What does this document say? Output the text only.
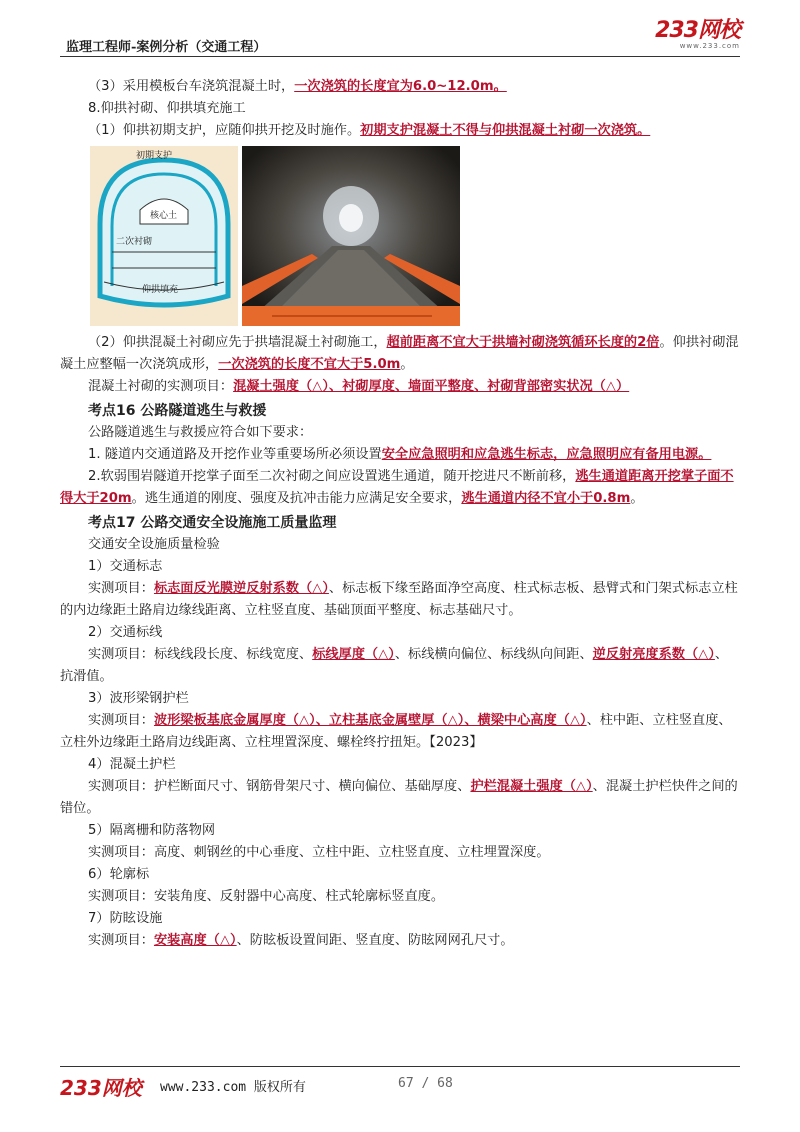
监理工程师-案例分析（交通工程）
233网校
www.233.com

（3）采用模板台车浇筑混凝土时，一次浇筑的长度宜为6.0~12.0m。

8.仰拱衬砌、仰拱填充施工

（1）仰拱初期支护，应随仰拱开挖及时施作。初期支护混凝土不得与仰拱混凝土衬砌一次浇筑。

初期支护
核心土
二次衬砌
仰拱填充

（2）仰拱混凝土衬砌应先于拱墙混凝土衬砌施工，超前距离不宜大于拱墙衬砌浇筑循环长度的2倍。仰拱衬砌混凝土应整幅一次浇筑成形，一次浇筑的长度不宜大于5.0m。

混凝土衬砌的实测项目：混凝土强度（△）、衬砌厚度、墙面平整度、衬砌背部密实状况（△）

考点16 公路隧道逃生与救援

公路隧道逃生与救援应符合如下要求：

1. 隧道内交通道路及开挖作业等重要场所必须设置安全应急照明和应急逃生标志，应急照明应有备用电源。

2.软弱围岩隧道开挖掌子面至二次衬砌之间应设置逃生通道，随开挖进尺不断前移，逃生通道距离开挖掌子面不得大于20m。逃生通道的刚度、强度及抗冲击能力应满足安全要求，逃生通道内径不宜小于0.8m。

考点17 公路交通安全设施施工质量监理

交通安全设施质量检验

1）交通标志

实测项目：标志面反光膜逆反射系数（△）、标志板下缘至路面净空高度、柱式标志板、悬臂式和门架式标志立柱的内边缘距土路肩边缘线距离、立柱竖直度、基础顶面平整度、标志基础尺寸。

2）交通标线

实测项目：标线线段长度、标线宽度、标线厚度（△）、标线横向偏位、标线纵向间距、逆反射亮度系数（△）、抗滑值。

3）波形梁钢护栏

实测项目：波形梁板基底金属厚度（△）、立柱基底金属壁厚（△）、横梁中心高度（△）、柱中距、立柱竖直度、立柱外边缘距土路肩边线距离、立柱埋置深度、螺栓终拧扭矩。【2023】

4）混凝土护栏

实测项目：护栏断面尺寸、钢筋骨架尺寸、横向偏位、基础厚度、护栏混凝土强度（△）、混凝土护栏快件之间的错位。

5）隔离栅和防落物网

实测项目：高度、刺钢丝的中心垂度、立柱中距、立柱竖直度、立柱埋置深度。

6）轮廓标

实测项目：安装角度、反射器中心高度、柱式轮廓标竖直度。

7）防眩设施

实测项目：安装高度（△）、防眩板设置间距、竖直度、防眩网网孔尺寸。

233网校 www.233.com 版权所有	67 / 68
